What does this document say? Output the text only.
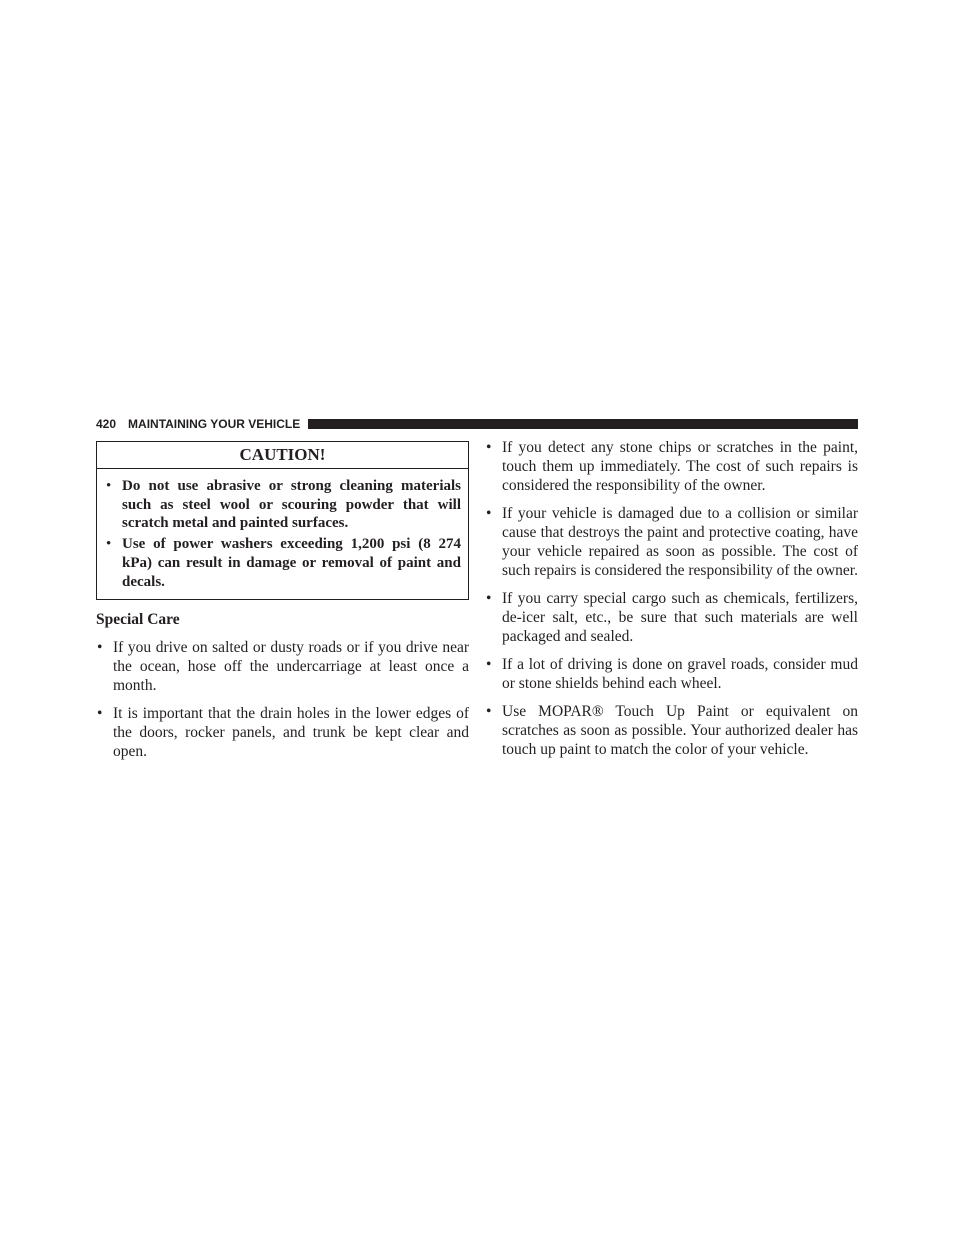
420 MAINTAINING YOUR VEHICLE
CAUTION!
• Do not use abrasive or strong cleaning materials such as steel wool or scouring powder that will scratch metal and painted surfaces.
• Use of power washers exceeding 1,200 psi (8 274 kPa) can result in damage or removal of paint and decals.
Special Care
• If you drive on salted or dusty roads or if you drive near the ocean, hose off the undercarriage at least once a month.
• It is important that the drain holes in the lower edges of the doors, rocker panels, and trunk be kept clear and open.
• If you detect any stone chips or scratches in the paint, touch them up immediately. The cost of such repairs is considered the responsibility of the owner.
• If your vehicle is damaged due to a collision or similar cause that destroys the paint and protective coating, have your vehicle repaired as soon as possible. The cost of such repairs is considered the responsibility of the owner.
• If you carry special cargo such as chemicals, fertilizers, de-icer salt, etc., be sure that such materials are well packaged and sealed.
• If a lot of driving is done on gravel roads, consider mud or stone shields behind each wheel.
• Use MOPAR® Touch Up Paint or equivalent on scratches as soon as possible. Your authorized dealer has touch up paint to match the color of your vehicle.
